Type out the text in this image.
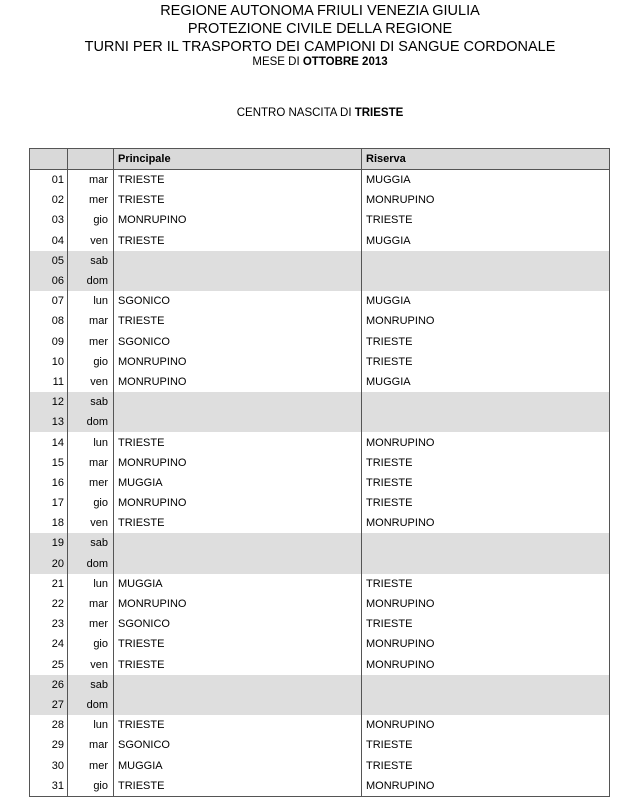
REGIONE AUTONOMA FRIULI VENEZIA GIULIA
PROTEZIONE CIVILE DELLA REGIONE
TURNI PER IL TRASPORTO DEI CAMPIONI DI SANGUE CORDONALE
MESE DI OTTOBRE 2013
CENTRO NASCITA DI TRIESTE
		Principale	Riserva
01	mar	TRIESTE	MUGGIA
02	mer	TRIESTE	MONRUPINO
03	gio	MONRUPINO	TRIESTE
04	ven	TRIESTE	MUGGIA
05	sab		
06	dom		
07	lun	SGONICO	MUGGIA
08	mar	TRIESTE	MONRUPINO
09	mer	SGONICO	TRIESTE
10	gio	MONRUPINO	TRIESTE
11	ven	MONRUPINO	MUGGIA
12	sab		
13	dom		
14	lun	TRIESTE	MONRUPINO
15	mar	MONRUPINO	TRIESTE
16	mer	MUGGIA	TRIESTE
17	gio	MONRUPINO	TRIESTE
18	ven	TRIESTE	MONRUPINO
19	sab		
20	dom		
21	lun	MUGGIA	TRIESTE
22	mar	MONRUPINO	MONRUPINO
23	mer	SGONICO	TRIESTE
24	gio	TRIESTE	MONRUPINO
25	ven	TRIESTE	MONRUPINO
26	sab		
27	dom		
28	lun	TRIESTE	MONRUPINO
29	mar	SGONICO	TRIESTE
30	mer	MUGGIA	TRIESTE
31	gio	TRIESTE	MONRUPINO
